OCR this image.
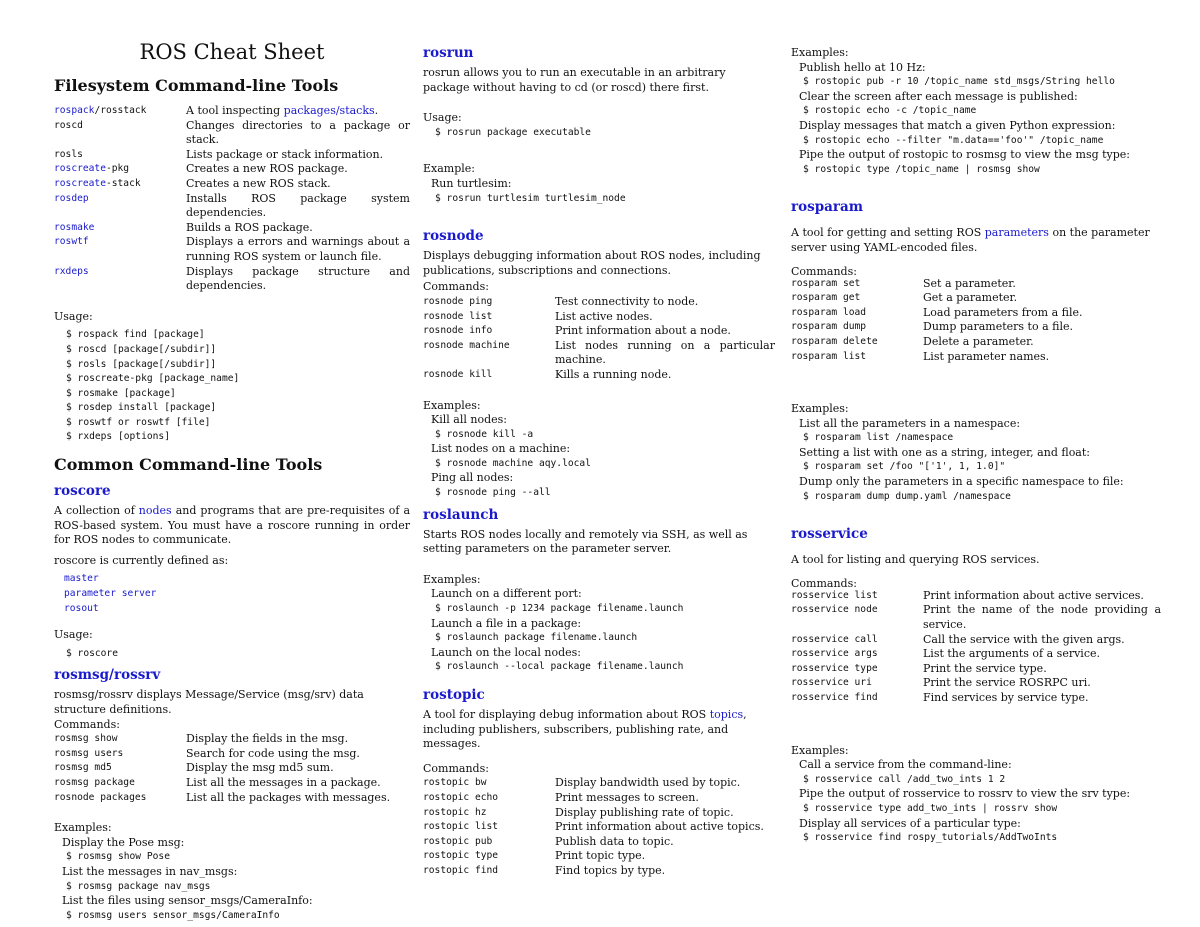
ROS Cheat Sheet
Filesystem Command-line Tools
rospack/rosstack	A tool inspecting packages/stacks.
roscd	Changes directories to a package or stack.
rosls	Lists package or stack information.
roscreate-pkg	Creates a new ROS package.
roscreate-stack	Creates a new ROS stack.
rosdep	Installs ROS package system dependencies.
rosmake	Builds a ROS package.
roswtf	Displays a errors and warnings about a running ROS system or launch file.
rxdeps	Displays package structure and dependencies.

Usage:

$ rospack find [package]
$ roscd [package[/subdir]]
$ rosls [package[/subdir]]
$ roscreate-pkg [package_name]
$ rosmake [package]
$ rosdep install [package]
$ roswtf or roswtf [file]
$ rxdeps [options]
Common Command-line Tools
roscore

A collection of nodes and programs that are pre-requisites of a ROS-based system. You must have a roscore running in order for ROS nodes to communicate.

roscore is currently defined as:

master
parameter server
rosout

Usage:

$ roscore
rosmsg/rossrv

rosmsg/rossrv displays Message/Service (msg/srv) data structure definitions.

Commands:

rosmsg show	Display the fields in the msg.
rosmsg users	Search for code using the msg.
rosmsg md5	Display the msg md5 sum.
rosmsg package	List all the messages in a package.
rosnode packages	List all the packages with messages.

Examples:

Display the Pose msg:
$ rosmsg show Pose
List the messages in nav_msgs:
$ rosmsg package nav_msgs
List the files using sensor_msgs/CameraInfo:
$ rosmsg users sensor_msgs/CameraInfo
rosrun

rosrun allows you to run an executable in an arbitrary package without having to cd (or roscd) there first.

Usage:

$ rosrun package executable

Example:

Run turtlesim:
$ rosrun turtlesim turtlesim_node
rosnode

Displays debugging information about ROS nodes, including publications, subscriptions and connections.

Commands:

rosnode ping	Test connectivity to node.
rosnode list	List active nodes.
rosnode info	Print information about a node.
rosnode machine	List nodes running on a particular machine.
rosnode kill	Kills a running node.

Examples:

Kill all nodes:
$ rosnode kill -a
List nodes on a machine:
$ rosnode machine aqy.local
Ping all nodes:
$ rosnode ping --all
roslaunch

Starts ROS nodes locally and remotely via SSH, as well as setting parameters on the parameter server.

Examples:

Launch on a different port:
$ roslaunch -p 1234 package filename.launch
Launch a file in a package:
$ roslaunch package filename.launch
Launch on the local nodes:
$ roslaunch --local package filename.launch
rostopic

A tool for displaying debug information about ROS topics, including publishers, subscribers, publishing rate, and messages.

Commands:

rostopic bw	Display bandwidth used by topic.
rostopic echo	Print messages to screen.
rostopic hz	Display publishing rate of topic.
rostopic list	Print information about active topics.
rostopic pub	Publish data to topic.
rostopic type	Print topic type.
rostopic find	Find topics by type.

Examples:

Publish hello at 10 Hz:
$ rostopic pub -r 10 /topic_name std_msgs/String hello
Clear the screen after each message is published:
$ rostopic echo -c /topic_name
Display messages that match a given Python expression:
$ rostopic echo --filter "m.data=='foo'" /topic_name
Pipe the output of rostopic to rosmsg to view the msg type:
$ rostopic type /topic_name | rosmsg show
rosparam

A tool for getting and setting ROS parameters on the parameter server using YAML-encoded files.

Commands:

rosparam set	Set a parameter.
rosparam get	Get a parameter.
rosparam load	Load parameters from a file.
rosparam dump	Dump parameters to a file.
rosparam delete	Delete a parameter.
rosparam list	List parameter names.

Examples:

List all the parameters in a namespace:
$ rosparam list /namespace
Setting a list with one as a string, integer, and float:
$ rosparam set /foo "['1', 1, 1.0]"
Dump only the parameters in a specific namespace to file:
$ rosparam dump dump.yaml /namespace
rosservice

A tool for listing and querying ROS services.

Commands:

rosservice list	Print information about active services.
rosservice node	Print the name of the node providing a service.
rosservice call	Call the service with the given args.
rosservice args	List the arguments of a service.
rosservice type	Print the service type.
rosservice uri	Print the service ROSRPC uri.
rosservice find	Find services by service type.

Examples:

Call a service from the command-line:
$ rosservice call /add_two_ints 1 2
Pipe the output of rosservice to rossrv to view the srv type:
$ rosservice type add_two_ints | rossrv show
Display all services of a particular type:
$ rosservice find rospy_tutorials/AddTwoInts
